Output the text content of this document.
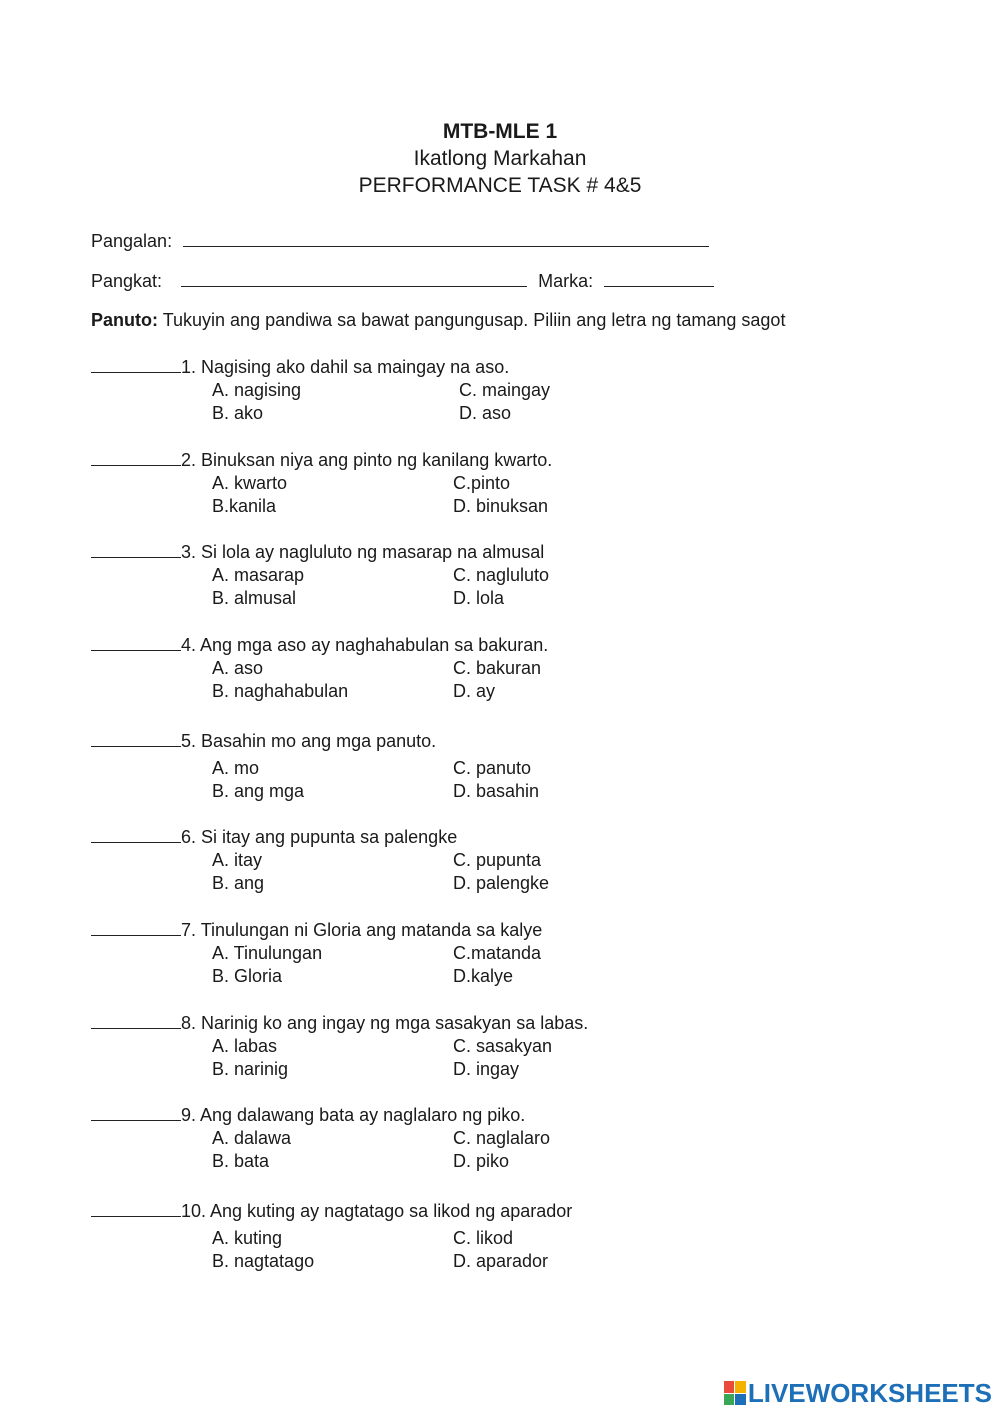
MTB-MLE 1
Ikatlong Markahan
PERFORMANCE TASK # 4&5
Pangalan:
Pangkat:	Marka:
Panuto: Tukuyin ang pandiwa sa bawat pangungusap. Piliin ang letra ng tamang sagot
1. Nagising ako dahil sa maingay na aso.
A. nagising
B. ako
C. maingay
D. aso
2. Binuksan niya ang pinto ng kanilang kwarto.
A. kwarto
B.kanila
C.pinto
D. binuksan
3. Si lola ay nagluluto ng masarap na almusal
A. masarap
B. almusal
C. nagluluto
D. lola
4. Ang mga aso ay naghahabulan sa bakuran.
A. aso
B. naghahabulan
C. bakuran
D. ay
5. Basahin mo ang mga panuto.
A. mo
B. ang mga
C. panuto
D. basahin
6. Si itay ang pupunta sa palengke
A. itay
B. ang
C. pupunta
D. palengke
7. Tinulungan ni Gloria ang matanda sa kalye
A. Tinulungan
B. Gloria
C.matanda
D.kalye
8. Narinig ko ang ingay ng mga sasakyan sa labas.
A. labas
B. narinig
C. sasakyan
D. ingay
9. Ang dalawang bata ay naglalaro ng piko.
A. dalawa
B. bata
C. naglalaro
D. piko
10. Ang kuting ay nagtatago sa likod ng aparador
A. kuting
B. nagtatago
C. likod
D. aparador
LIVEWORKSHEETS
